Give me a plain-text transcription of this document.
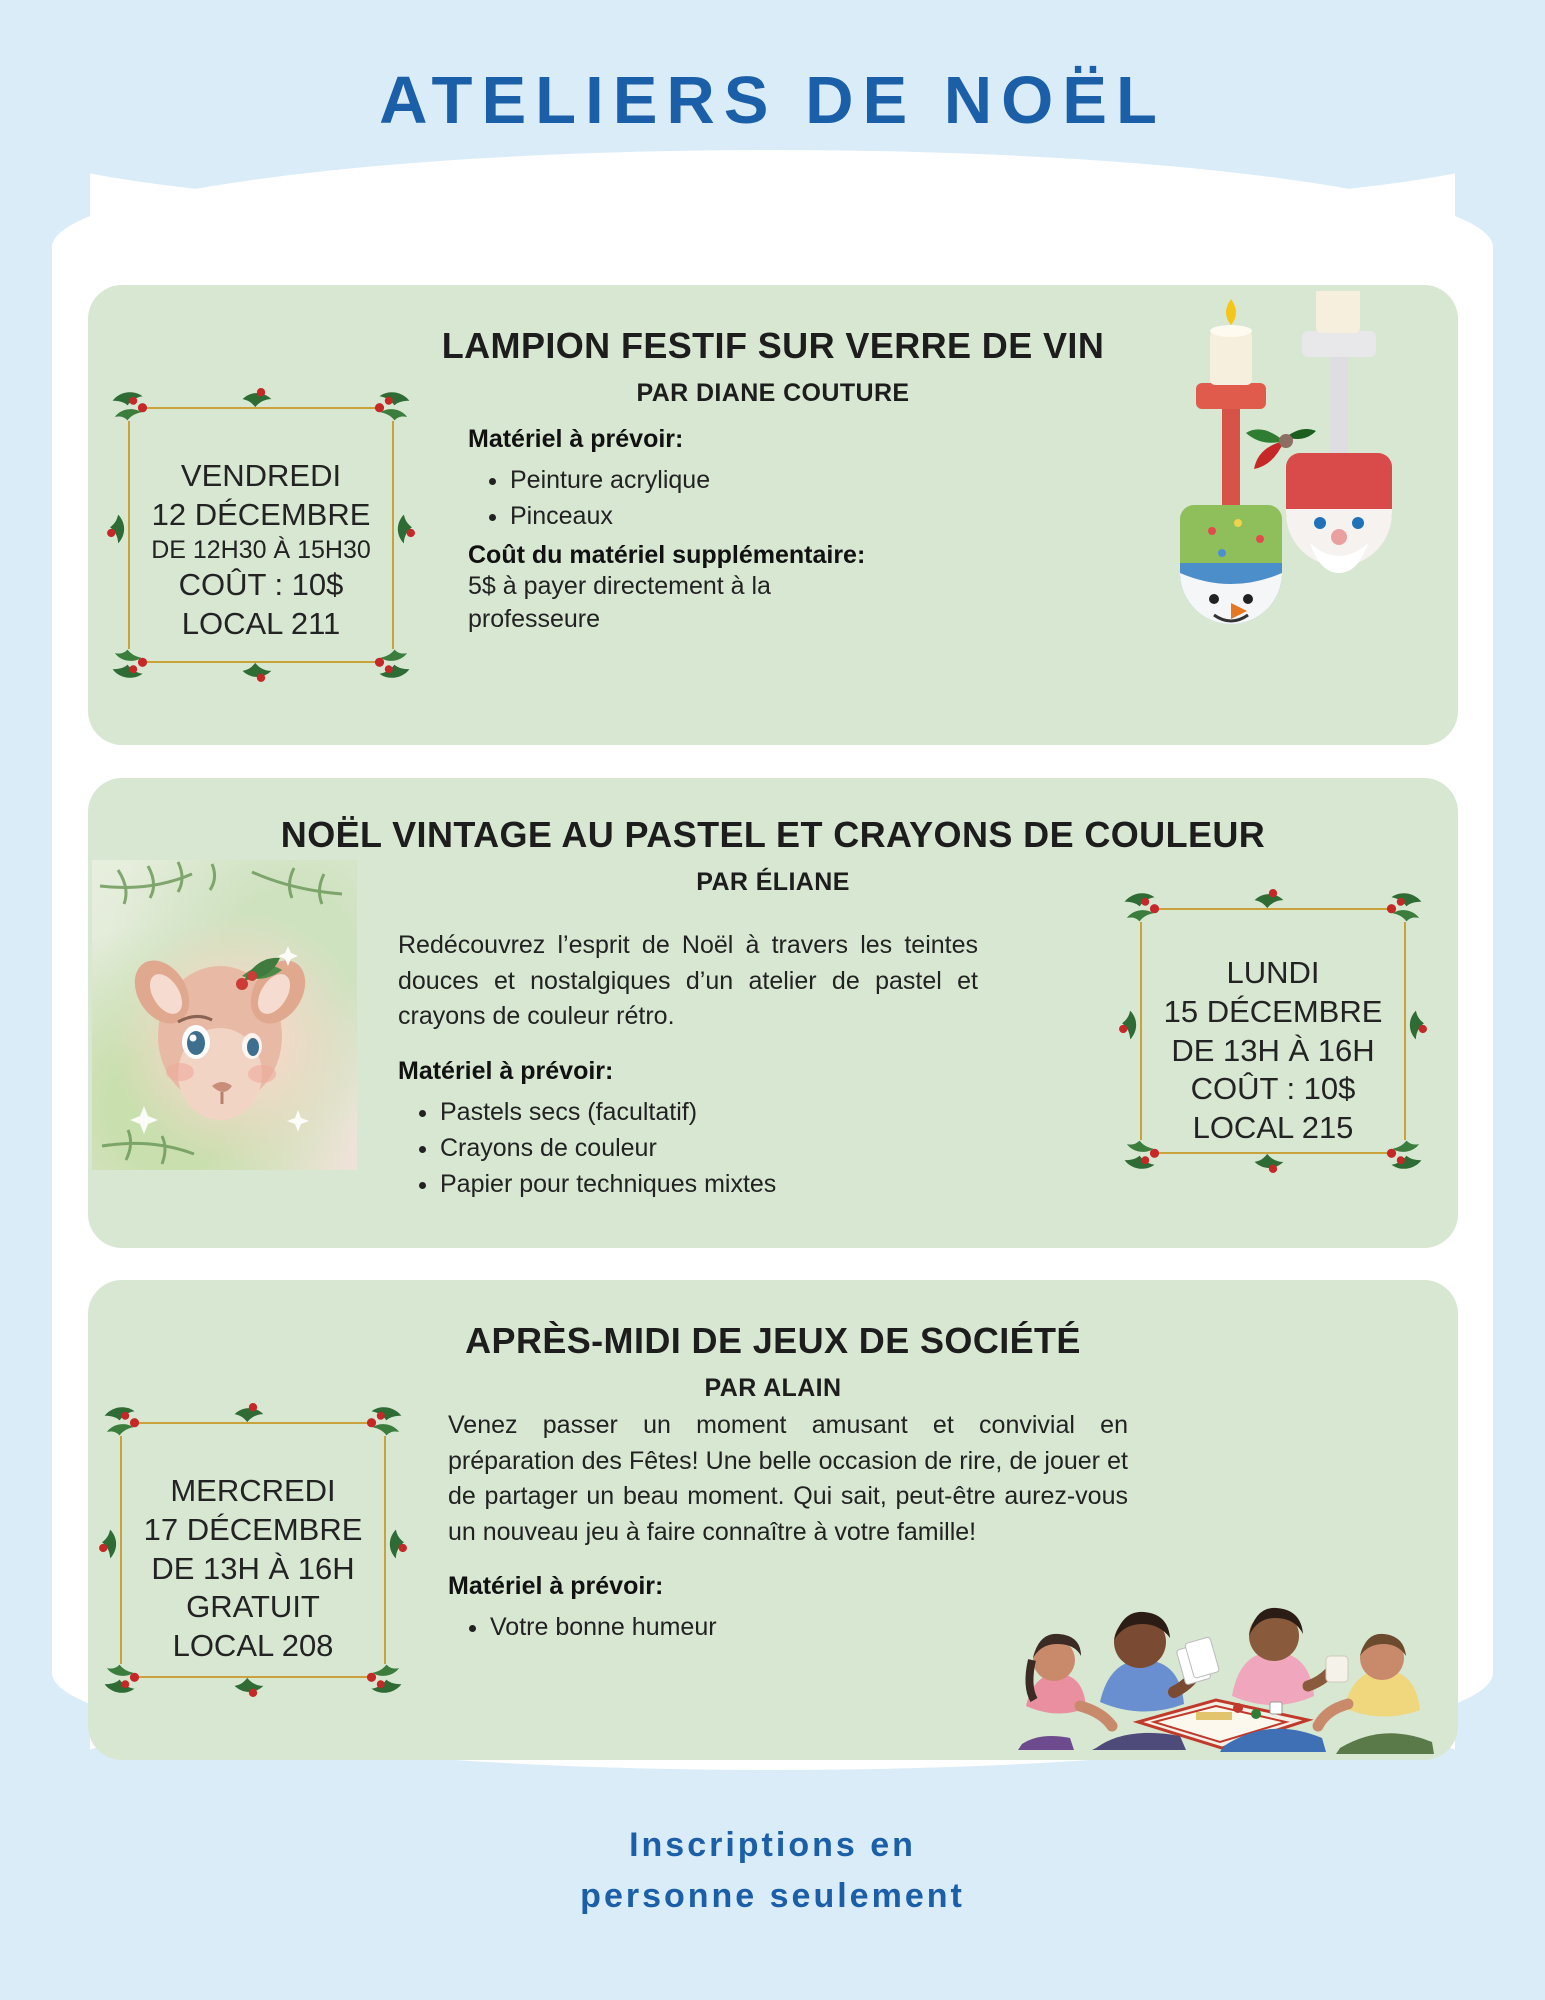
ATELIERS DE NOËL
LAMPION FESTIF SUR VERRE DE VIN
PAR DIANE COUTURE
VENDREDI
12 DÉCEMBRE
DE 12H30 À 15H30
COÛT : 10$
LOCAL 211

Matériel à prévoir:

• Peinture acrylique
• Pinceaux

Coût du matériel supplémentaire:

5$ à payer directement à la professeure

NOËL VINTAGE AU PASTEL ET CRAYONS DE COULEUR
PAR ÉLIANE

Redécouvrez l’esprit de Noël à travers les teintes douces et nostalgiques d’un atelier de pastel et crayons de couleur rétro.

Matériel à prévoir:

• Pastels secs (facultatif)
• Crayons de couleur
• Papier pour techniques mixtes
LUNDI
15 DÉCEMBRE
DE 13H À 16H
COÛT : 10$
LOCAL 215
APRÈS-MIDI DE JEUX DE SOCIÉTÉ
PAR ALAIN
MERCREDI
17 DÉCEMBRE
DE 13H À 16H
GRATUIT
LOCAL 208

Venez passer un moment amusant et convivial en préparation des Fêtes! Une belle occasion de rire, de jouer et de partager un beau moment. Qui sait, peut-être aurez-vous un nouveau jeu à faire connaître à votre famille!

Matériel à prévoir:

• Votre bonne humeur
Inscriptions en
personne seulement
